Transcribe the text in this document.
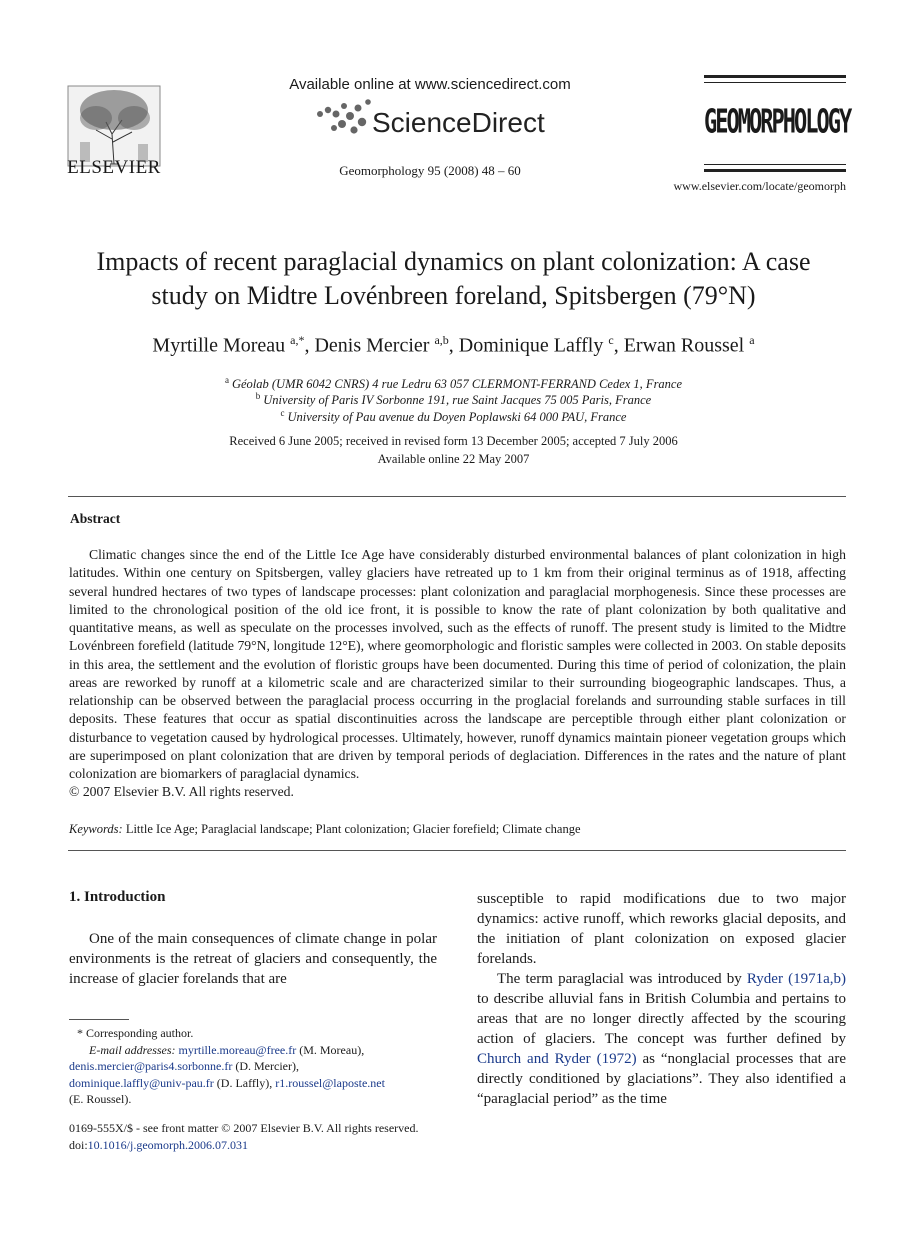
ELSEVIER
Available online at www.sciencedirect.com
ScienceDirect
Geomorphology 95 (2008) 48 – 60
GEOMORPHOLOGY
www.elsevier.com/locate/geomorph
Impacts of recent paraglacial dynamics on plant colonization: A case
study on Midtre Lovénbreen foreland, Spitsbergen (79°N)
Myrtille Moreau $^{a,*}$, Denis Mercier $^{a,b}$, Dominique Laffly $^c$, Erwan Roussel $^a$
$^a$ Géolab (UMR 6042 CNRS) 4 rue Ledru 63 057 CLERMONT-FERRAND Cedex 1, France
$^b$ University of Paris IV Sorbonne 191, rue Saint Jacques 75 005 Paris, France
$^c$ University of Pau avenue du Doyen Poplawski 64 000 PAU, France
Received 6 June 2005; received in revised form 13 December 2005; accepted 7 July 2006
Available online 22 May 2007
Abstract
Climatic changes since the end of the Little Ice Age have considerably disturbed environmental balances of plant colonization in high latitudes. Within one century on Spitsbergen, valley glaciers have retreated up to 1 km from their original terminus as of 1918, affecting several hundred hectares of two types of landscape processes: plant colonization and paraglacial morphogenesis. Since these processes are limited to the chronological position of the old ice front, it is possible to know the rate of plant colonization by both qualitative and quantitative means, as well as speculate on the processes involved, such as the effects of runoff. The present study is limited to the Midtre Lovénbreen forefield (latitude 79°N, longitude 12°E), where geomorphologic and floristic samples were collected in 2003. On stable deposits in this area, the settlement and the evolution of floristic groups have been documented. During this time of period of colonization, the plain areas are reworked by runoff at a kilometric scale and are characterized similar to their surrounding biogeographic landscapes. Thus, a relationship can be observed between the paraglacial process occurring in the proglacial forelands and surrounding stable surfaces in till deposits. These features that occur as spatial discontinuities across the landscape are perceptible through either plant colonization or disturbance to vegetation caused by hydrological processes. Ultimately, however, runoff dynamics maintain pioneer vegetation groups which are superimposed on plant colonization that are driven by temporal periods of deglaciation. Differences in the rates and the nature of plant colonization are biomarkers of paraglacial dynamics.
© 2007 Elsevier B.V. All rights reserved.
Keywords: Little Ice Age; Paraglacial landscape; Plant colonization; Glacier forefield; Climate change
1. Introduction
One of the main consequences of climate change in polar environments is the retreat of glaciers and consequently, the increase of glacier forelands that are

susceptible to rapid modifications due to two major dynamics: active runoff, which reworks glacial deposits, and the initiation of plant colonization on exposed glacier forelands.

The term paraglacial was introduced by Ryder (1971a,b) to describe alluvial fans in British Columbia and pertains to areas that are no longer directly affected by the scouring action of glaciers. The concept was further defined by Church and Ryder (1972) as “nonglacial processes that are directly conditioned by glaciations”. They also identified a “paraglacial period” as the time

* Corresponding author.
E-mail addresses: myrtille.moreau@free.fr (M. Moreau),
denis.mercier@paris4.sorbonne.fr (D. Mercier),
dominique.laffly@univ-pau.fr (D. Laffly), r1.roussel@laposte.net
(E. Roussel).
0169-555X/$ - see front matter © 2007 Elsevier B.V. All rights reserved.
doi:10.1016/j.geomorph.2006.07.031
